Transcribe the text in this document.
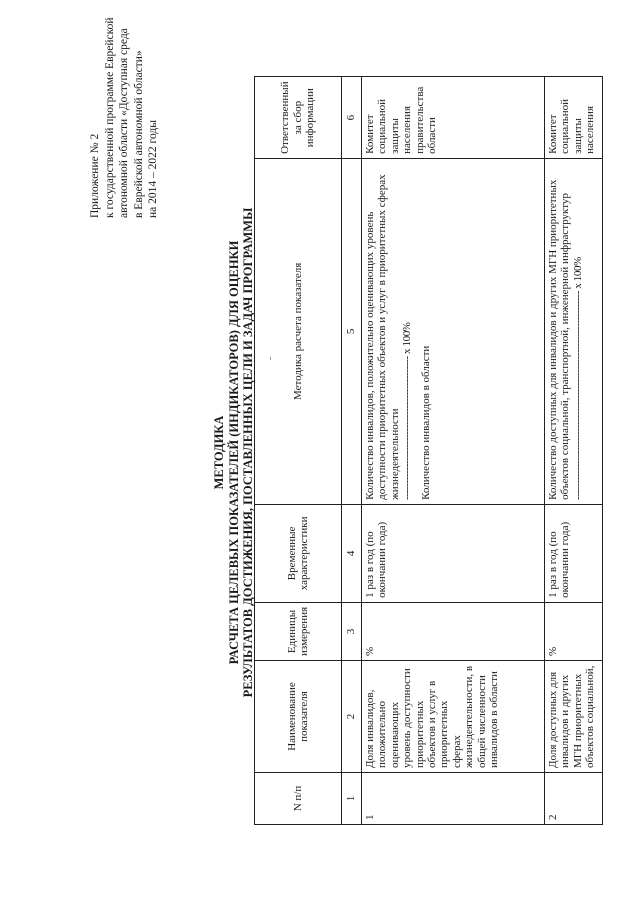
Приложение № 2 к государственной программе Еврейской автономной области «Доступная среда в Еврейской автономной области» на 2014 – 2022 годы
МЕТОДИКА РАСЧЕТА ЦЕЛЕВЫХ ПОКАЗАТЕЛЕЙ (ИНДИКАТОРОВ) ДЛЯ ОЦЕНКИ РЕЗУЛЬТАТОВ ДОСТИЖЕНИЯ, ПОСТАВЛЕННЫХ ЦЕЛИ И ЗАДАЧ ПРОГРАММЫ
N п/п	Наименование показателя	Единицы измерения	Временные характеристики	Методика расчета показателя	Ответственный за сбор информации
1	2	3	4	5	6
1	Доля инвалидов, положительно оценивающих уровень доступности приоритетных объектов и услуг в приоритетных сферах жизнедеятельности, в общей численности инвалидов в области	%	1 раз в год (по окончании года)	Количество инвалидов, положительно оценивающих уровень доступности приоритетных объектов и услуг в приоритетных сферах жизнедеятельности -------------------------------------------- х 100% Количество инвалидов в области	Комитет социальной защиты населения правительства области
2	Доля доступных для инвалидов и других МГН приоритетных объектов социальной,	%	1 раз в год (по окончании года)	Количество доступных для инвалидов и других МГН приоритетных объектов социальной, транспортной, инженерной инфраструктур ---------------------------------------------------------------- х 100%	Комитет социальной защиты населения
